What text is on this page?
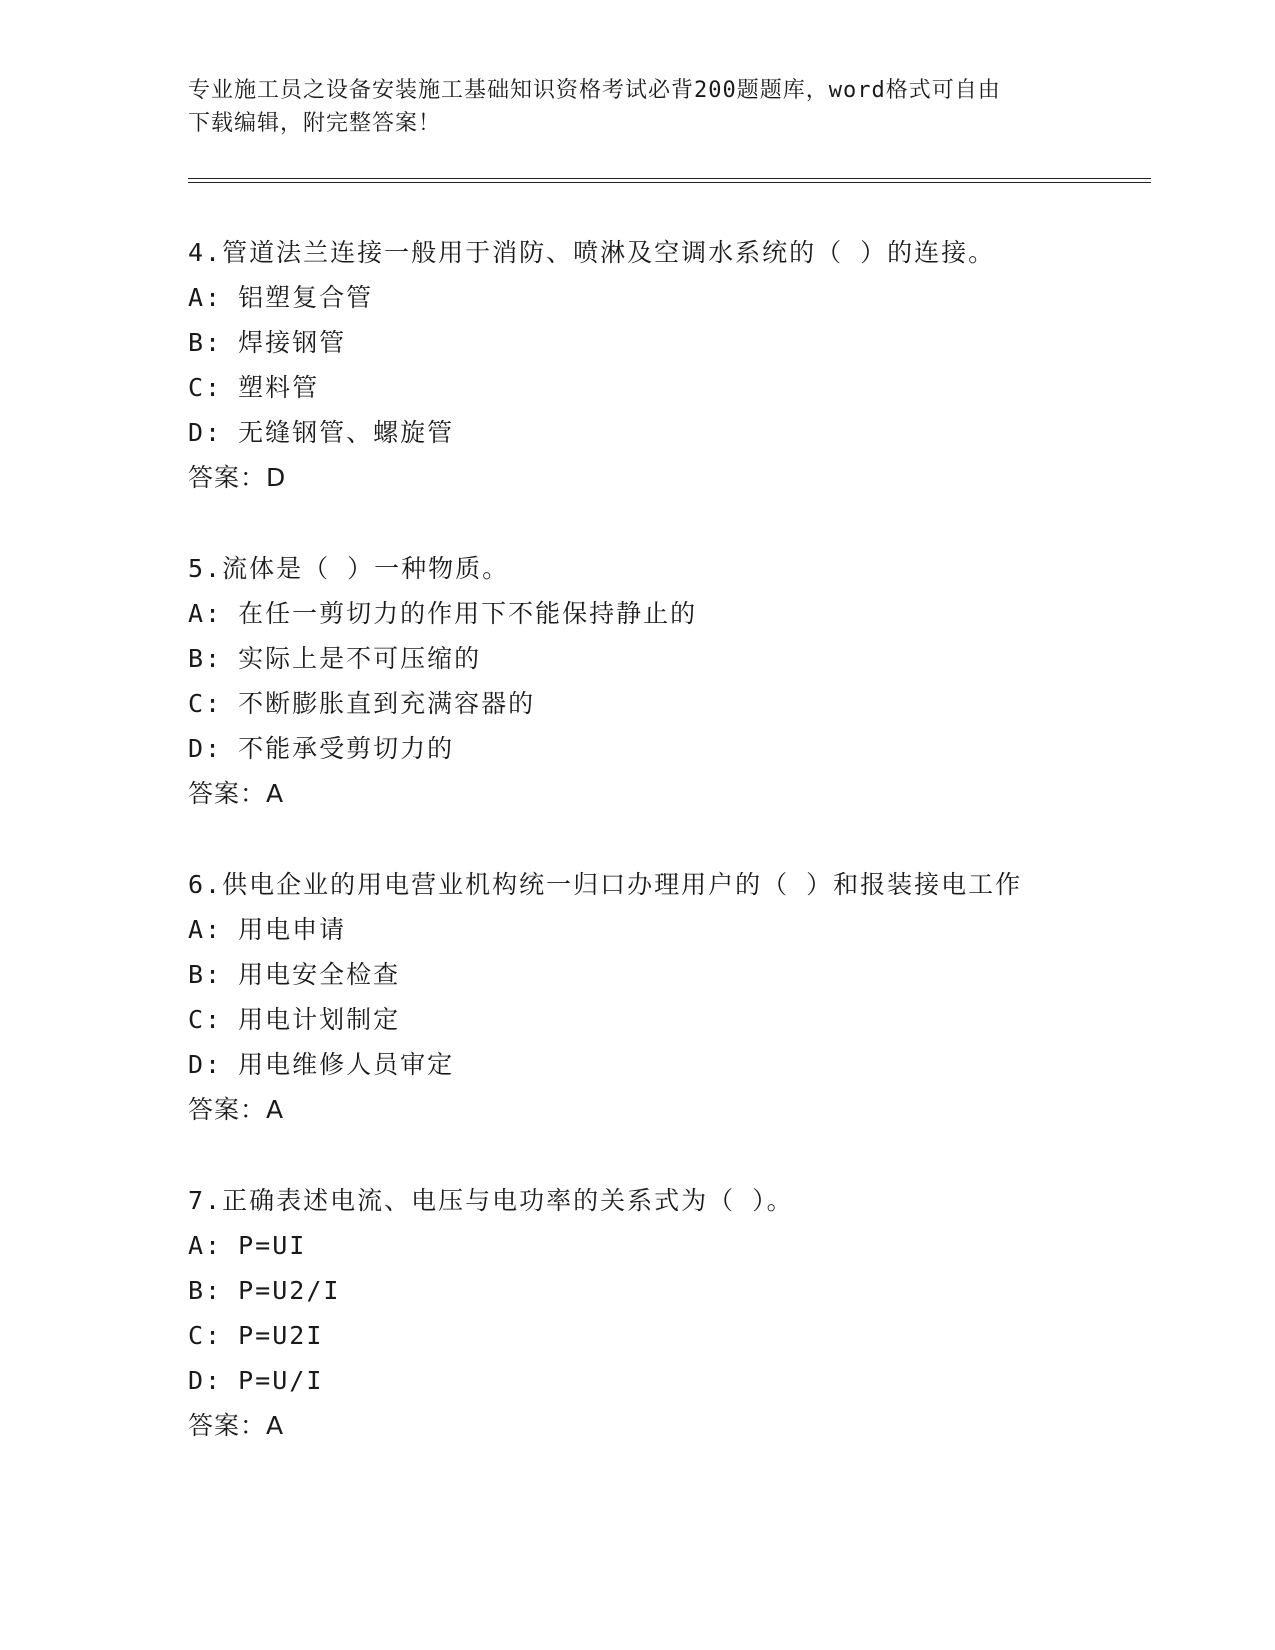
专业施工员之设备安装施工基础知识资格考试必背200题题库，word格式可自由
下载编辑，附完整答案！
4.管道法兰连接一般用于消防、喷淋及空调水系统的（ ）的连接。
A: 铝塑复合管
B: 焊接钢管
C: 塑料管
D: 无缝钢管、螺旋管
答案：D
5.流体是（ ）一种物质。
A: 在任一剪切力的作用下不能保持静止的
B: 实际上是不可压缩的
C: 不断膨胀直到充满容器的
D: 不能承受剪切力的
答案：A
6.供电企业的用电营业机构统一归口办理用户的（ ）和报装接电工作
A: 用电申请
B: 用电安全检查
C: 用电计划制定
D: 用电维修人员审定
答案：A
7.正确表述电流、电压与电功率的关系式为（ ）。
A: P=UI
B: P=U2/I
C: P=U2I
D: P=U/I
答案：A
